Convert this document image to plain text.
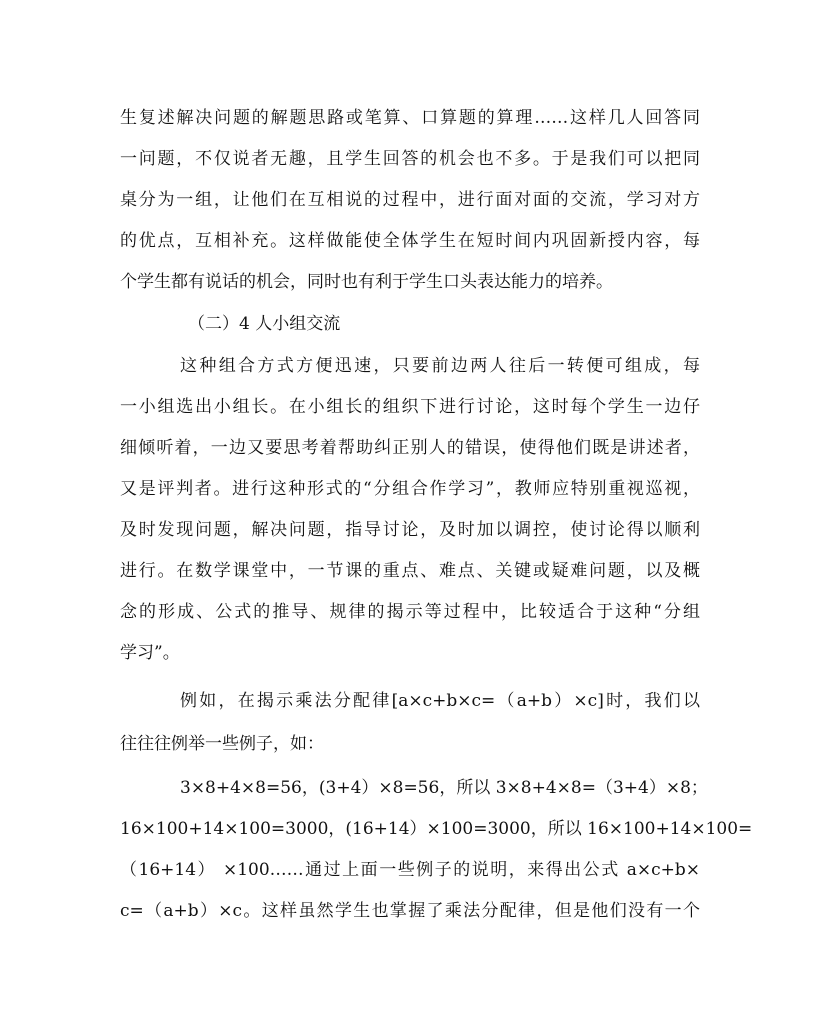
生复述解决问题的解题思路或笔算、口算题的算理……这样几人回答同
一问题，不仅说者无趣，且学生回答的机会也不多。于是我们可以把同
桌分为一组，让他们在互相说的过程中，进行面对面的交流，学习对方
的优点，互相补充。这样做能使全体学生在短时间内巩固新授内容，每
个学生都有说话的机会，同时也有利于学生口头表达能力的培养。
（二）4 人小组交流
这种组合方式方便迅速，只要前边两人往后一转便可组成，每
一小组选出小组长。在小组长的组织下进行讨论，这时每个学生一边仔
细倾听着，一边又要思考着帮助纠正别人的错误，使得他们既是讲述者，
又是评判者。进行这种形式的“分组合作学习”，教师应特别重视巡视，
及时发现问题，解决问题，指导讨论，及时加以调控，使讨论得以顺利
进行。在数学课堂中，一节课的重点、难点、关键或疑难问题，以及概
念的形成、公式的推导、规律的揭示等过程中，比较适合于这种“分组
学习”。
例如，在揭示乘法分配律[a×c+b×c=（a+b）×c]时，我们以
往往往例举一些例子，如：
3×8+4×8=56，(3+4）×8=56，所以 3×8+4×8=（3+4）×8；
16×100+14×100=3000，(16+14）×100=3000，所以 16×100+14×100=
（16+14） ×100……通过上面一些例子的说明，来得出公式 a×c+b×
c=（a+b）×c。这样虽然学生也掌握了乘法分配律，但是他们没有一个
